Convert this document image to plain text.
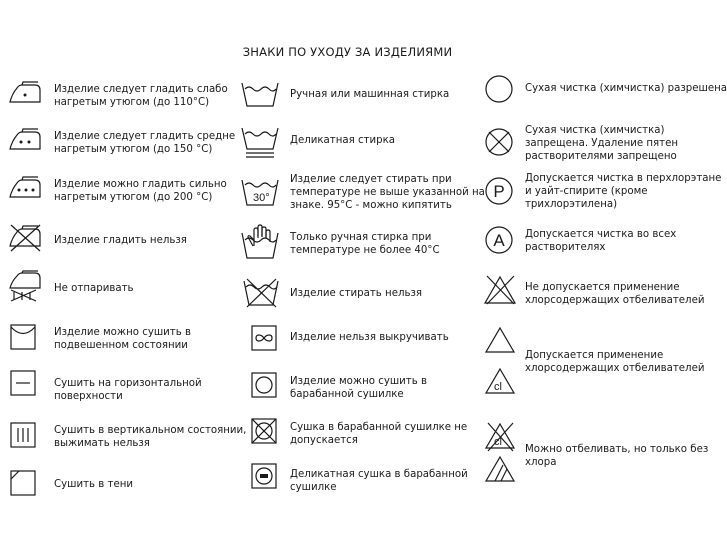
ЗНАКИ ПО УХОДУ ЗА ИЗДЕЛИЯМИ
Изделие следует гладить слабо
нагретым утюгом (до 110°С)
Изделие следует гладить средне
нагретым утюгом (до 150 °С)
Изделие можно гладить сильно
нагретым утюгом (до 200 °С)
Изделие гладить нельзя
Не отпаривать
Изделие можно сушить в
подвешенном состоянии
Сушить на горизонтальной
поверхности
Сушить в вертикальном состоянии,
выжимать нельзя
Сушить в тени
Ручная или машинная стирка
Деликатная стирка
30°
Изделие следует стирать при
температуре не выше указанной на
знаке. 95°С - можно кипятить
Только ручная стирка при
температуре не более 40°С
Изделие стирать нельзя
Изделие нельзя выкручивать
Изделие можно сушить в
барабанной сушилке
Сушка в барабанной сушилке не
допускается
Деликатная сушка в барабанной
сушилке
Сухая чистка (химчистка) разрешена
Сухая чистка (химчистка)
запрещена. Удаление пятен
растворителями запрещено
P
Допускается чистка в перхлорэтане
и уайт-спирите (кроме
трихлорэтилена)
A Допускается чистка во всех
растворителях
Не допускается применение
хлорсодержащих отбеливателей
cl
Допускается применение
хлорсодержащих отбеливателей
cl
Можно отбеливать, но только без
хлора
